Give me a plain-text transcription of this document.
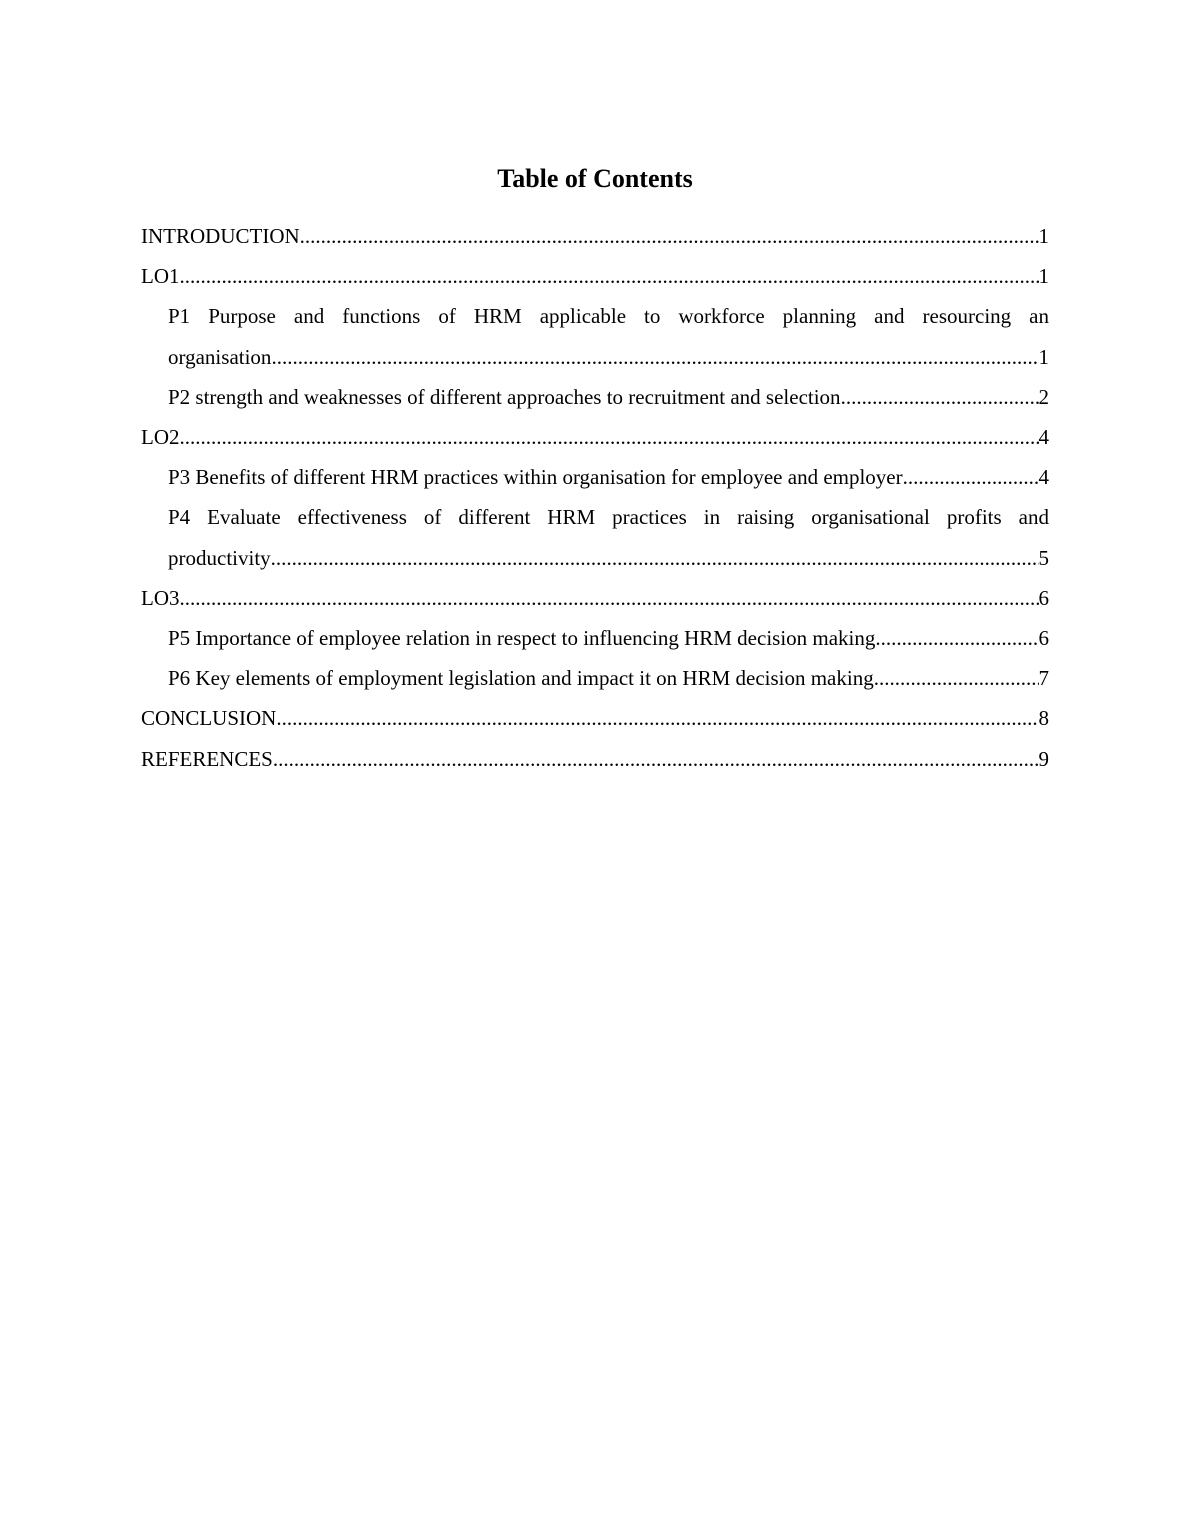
Table of Contents
INTRODUCTION .....	1
LO1 .....	1
P1 Purpose and functions of HRM applicable to workforce planning and resourcing an
organisation .....	1
P2 strength and weaknesses of different approaches to recruitment and selection .....	2
LO2 .....	4
P3 Benefits of different HRM practices within organisation for employee and employer .....	4
P4 Evaluate effectiveness of different HRM practices in raising organisational profits and
productivity .....	5
LO3 .....	6
P5 Importance of employee relation in respect to influencing HRM decision making .....	6
P6 Key elements of employment legislation and impact it on HRM decision making .....	7
CONCLUSION .....	8
REFERENCES .....	9
